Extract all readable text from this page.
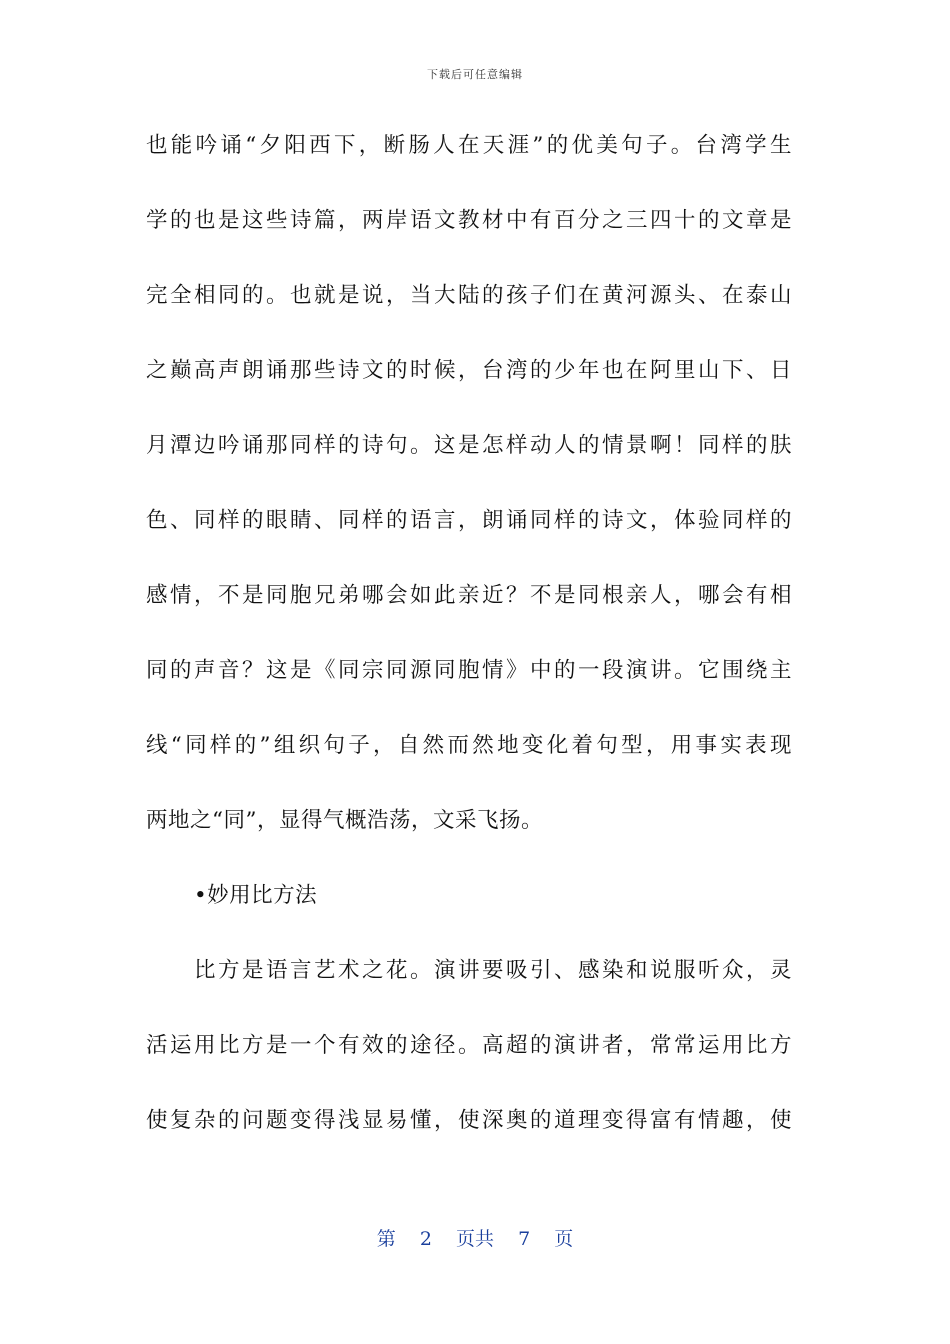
下载后可任意编辑
也能吟诵“夕阳西下，断肠人在天涯”的优美句子。台湾学生
学的也是这些诗篇，两岸语文教材中有百分之三四十的文章是
完全相同的。也就是说，当大陆的孩子们在黄河源头、在泰山
之巅高声朗诵那些诗文的时候，台湾的少年也在阿里山下、日
月潭边吟诵那同样的诗句。这是怎样动人的情景啊！同样的肤
色、同样的眼睛、同样的语言，朗诵同样的诗文，体验同样的
感情，不是同胞兄弟哪会如此亲近？不是同根亲人，哪会有相
同的声音？这是《同宗同源同胞情》中的一段演讲。它围绕主
线“同样的”组织句子，自然而然地变化着句型，用事实表现
两地之“同”，显得气概浩荡，文采飞扬。
•妙用比方法
比方是语言艺术之花。演讲要吸引、感染和说服听众，灵
活运用比方是一个有效的途径。高超的演讲者，常常运用比方
使复杂的问题变得浅显易懂，使深奥的道理变得富有情趣，使
第  2  页共  7  页
